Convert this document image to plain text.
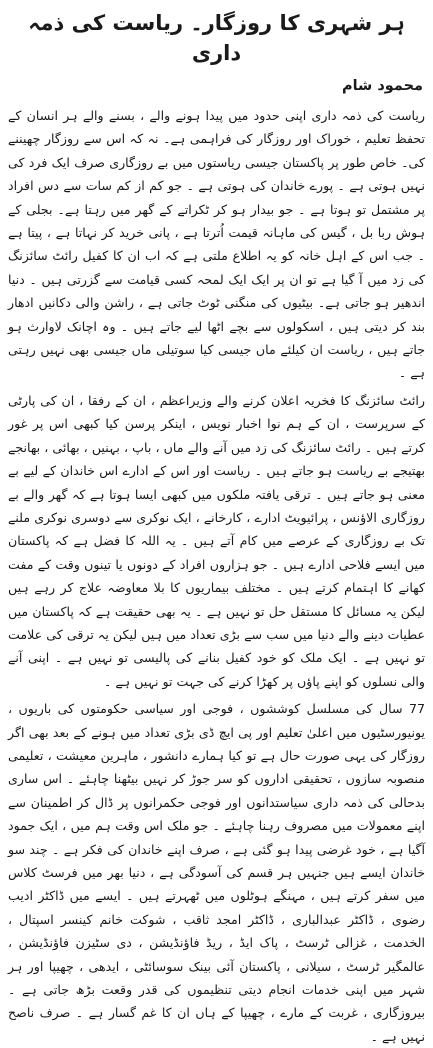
ہر شہری کا روزگار۔ ریاست کی ذمہ داری
محمود شام

ریاست کی ذمہ داری اپنی حدود میں پیدا ہونے والے ، بسنے والے ہر انسان کے تحفظ تعلیم ، خوراک اور روزگار کی فراہمی ہے۔ نہ کہ اس سے روزگار چھیننے کی۔ خاص طور پر پاکستان جیسی ریاستوں میں بے روزگاری صرف ایک فرد کی نہیں ہوتی ہے ۔ پورے خاندان کی ہوتی ہے ۔ جو کم از کم سات سے دس افراد پر مشتمل تو ہوتا ہے ۔ جو بیدار ہو کر ٹکراتے کے گھر میں رہتا ہے۔ بجلی کے ہوش ربا بل ، گیس کی ماہانہ قیمت اُترتا ہے ، پانی خرید کر نہاتا ہے ، پیتا ہے ۔ جب اس کے اہل خانہ کو یہ اطلاع ملتی ہے کہ اب ان کا کفیل رائٹ سائزنگ کی زد میں آ گیا ہے تو ان پر ایک ایک لمحہ کسی قیامت سے گزرتی ہیں ۔ دنیا اندھیر ہو جاتی ہے۔ بیٹیوں کی منگنی ٹوٹ جاتی ہے ، راشن والی دکانیں ادھار بند کر دیتی ہیں ، اسکولوں سے بچے اٹھا لیے جاتے ہیں ۔ وہ اچانک لاوارث ہو جاتے ہیں ، ریاست ان کیلئے ماں جیسی کیا سوتیلی ماں جیسی بھی نہیں رہتی ہے ۔

رائٹ سائزنگ کا فخریہ اعلان کرنے والے وزیراعظم ، ان کے رفقا ، ان کی پارٹی کے سرپرست ، ان کے ہم نوا اخبار نویس ، اینکر پرسن کیا کبھی اس پر غور کرتے ہیں ۔ رائٹ سائزنگ کی زد میں آنے والے ماں ، باپ ، بہنیں ، بھائی ، بھانجے بھتیجے بے ریاست ہو جاتے ہیں ۔ ریاست اور اس کے ادارے اس خاندان کے لیے بے معنی ہو جاتے ہیں ۔ ترقی یافتہ ملکوں میں کبھی ایسا ہوتا ہے کہ گھر والے بے روزگاری الاؤنس ، پرائیویٹ ادارے ، کارخانے ، ایک نوکری سے دوسری نوکری ملنے تک بے روزگاری کے عرصے میں کام آتے ہیں ۔ یہ اللہ کا فضل ہے کہ پاکستان میں ایسے فلاحی ادارے ہیں ۔ جو ہزاروں افراد کے دونوں یا تینوں وقت کے مفت کھانے کا اہتمام کرتے ہیں ۔ مختلف بیماریوں کا بلا معاوضہ علاج کر رہے ہیں لیکن یہ مسائل کا مستقل حل تو نہیں ہے ۔ یہ بھی حقیقت ہے کہ پاکستان میں عطیات دینے والے دنیا میں سب سے بڑی تعداد میں ہیں لیکن یہ ترقی کی علامت تو نہیں ہے ۔ ایک ملک کو خود کفیل بنانے کی پالیسی تو نہیں ہے ۔ اپنی آنے والی نسلوں کو اپنے پاؤں پر کھڑا کرنے کی جہت تو نہیں ہے ۔

77 سال کی مسلسل کوششوں ، فوجی اور سیاسی حکومتوں کی باریوں ، یونیورسٹیوں میں اعلیٰ تعلیم اور پی ایچ ڈی بڑی تعداد میں ہونے کے بعد بھی اگر روزگار کی یہی صورت حال ہے تو کیا ہمارے دانشور ، ماہرین معیشت ، تعلیمی منصوبہ سازوں ، تحقیقی اداروں کو سر جوڑ کر نہیں بیٹھنا چاہئے ۔ اس ساری بدحالی کی ذمہ داری سیاستدانوں اور فوجی حکمرانوں پر ڈال کر اطمینان سے اپنے معمولات میں مصروف رہنا چاہئے ۔ جو ملک اس وقت ہم میں ، ایک جمود آگیا ہے ، خود غرضی پیدا ہو گئی ہے ، صرف اپنے خاندان کی فکر ہے ۔ چند سو خاندان ایسے ہیں جنہیں ہر قسم کی آسودگی ہے ، دنیا بھر میں فرسٹ کلاس میں سفر کرتے ہیں ، مہنگے ہوٹلوں میں ٹھہرتے ہیں ۔ ایسے میں ڈاکٹر ادیب رضوی ، ڈاکٹر عبدالباری ، ڈاکٹر امجد ثاقب ، شوکت خانم کینسر اسپتال ، الخدمت ، غزالی ٹرسٹ ، پاک ایڈ ، ریڈ فاؤنڈیشن ، دی سٹیزن فاؤنڈیشن ، عالمگیر ٹرسٹ ، سیلانی ، پاکستان آئی بینک سوسائٹی ، ایدھی ، چھیپا اور ہر شہر میں اپنی خدمات انجام دیتی تنظیموں کی قدر وقعت بڑھ جاتی ہے ۔ بیروزگاری ، غربت کے مارے ، چھیپا کے ہاں ان کا غم گسار ہے ۔ صرف ناصح نہیں ہے ۔
